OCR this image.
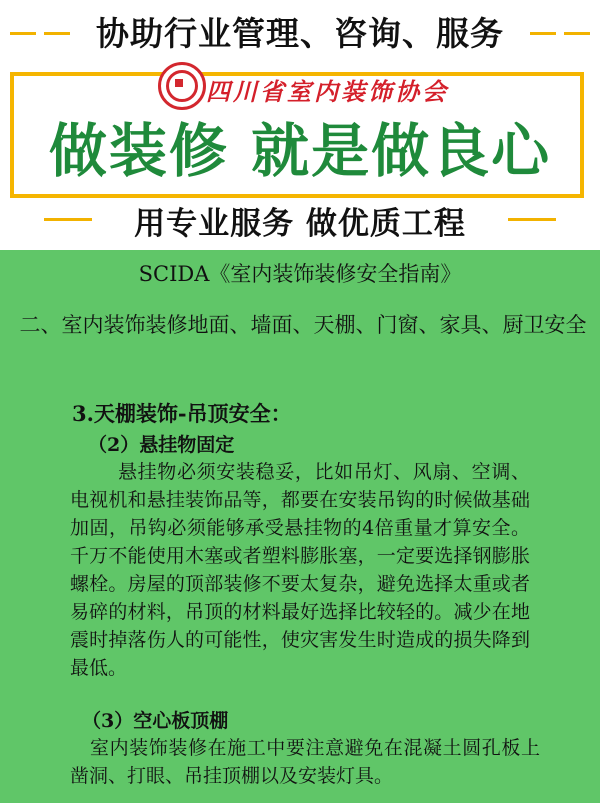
协助行业管理、咨询、服务
四川省室内装饰协会
做装修 就是做良心
用专业服务 做优质工程
SCIDA《室内装饰装修安全指南》
二、室内装饰装修地面、墙面、天棚、门窗、家具、厨卫安全
3.天棚装饰-吊顶安全：
（2）悬挂物固定
悬挂物必须安装稳妥，比如吊灯、风扇、空调、电视机和悬挂装饰品等，都要在安装吊钩的时候做基础加固，吊钩必须能够承受悬挂物的4倍重量才算安全。千万不能使用木塞或者塑料膨胀塞，一定要选择钢膨胀螺栓。房屋的顶部装修不要太复杂，避免选择太重或者易碎的材料，吊顶的材料最好选择比较轻的。减少在地震时掉落伤人的可能性，使灾害发生时造成的损失降到最低。
（3）空心板顶棚
室内装饰装修在施工中要注意避免在混凝土圆孔板上凿洞、打眼、吊挂顶棚以及安装灯具。
